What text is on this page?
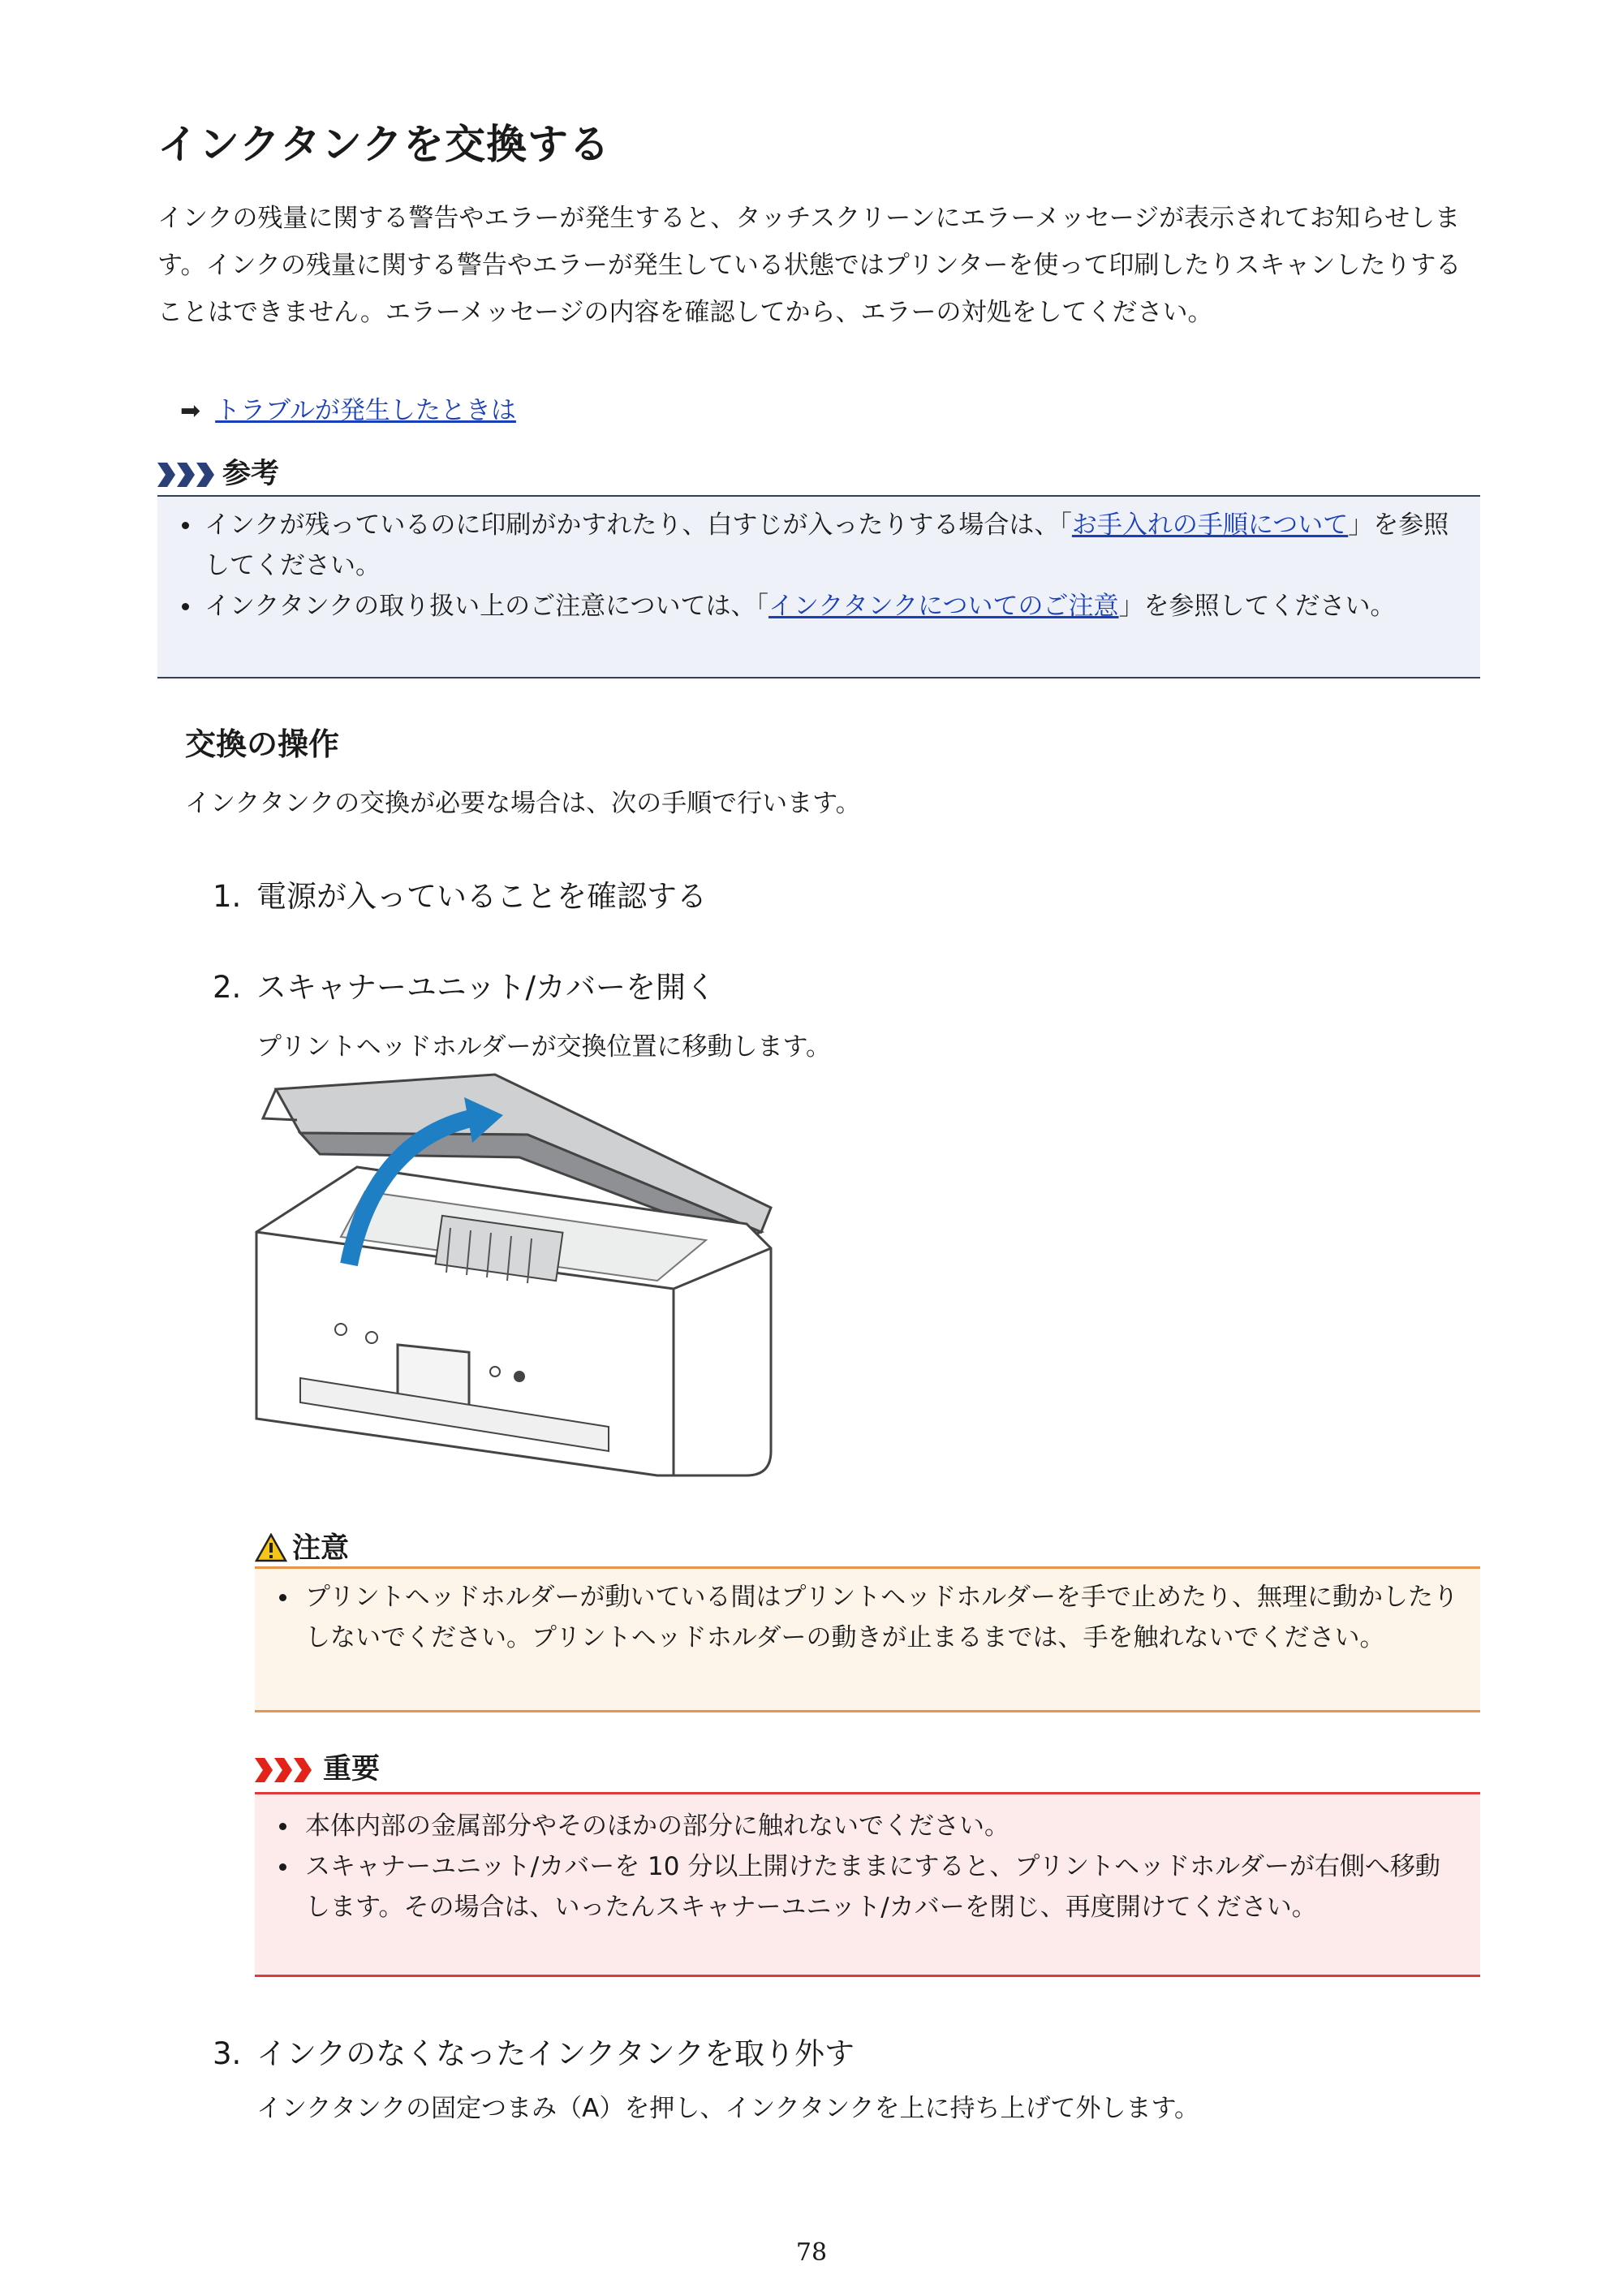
インクタンクを交換する

インクの残量に関する警告やエラーが発生すると、タッチスクリーンにエラーメッセージが表示されてお知らせします。インクの残量に関する警告やエラーが発生している状態ではプリンターを使って印刷したりスキャンしたりすることはできません。エラーメッセージの内容を確認してから、エラーの対処をしてください。

➡ トラブルが発生したときは
参考
インクが残っているのに印刷がかすれたり、白すじが入ったりする場合は、「お手入れの手順について」を参照してください。
インクタンクの取り扱い上のご注意については、「インクタンクについてのご注意」を参照してください。
交換の操作
インクタンクの交換が必要な場合は、次の手順で行います。
1. 電源が入っていることを確認する
2. スキャナーユニット/カバーを開く
プリントヘッドホルダーが交換位置に移動します。
注意
プリントヘッドホルダーが動いている間はプリントヘッドホルダーを手で止めたり、無理に動かしたりしないでください。プリントヘッドホルダーの動きが止まるまでは、手を触れないでください。
重要
本体内部の金属部分やそのほかの部分に触れないでください。
スキャナーユニット/カバーを 10 分以上開けたままにすると、プリントヘッドホルダーが右側へ移動します。その場合は、いったんスキャナーユニット/カバーを閉じ、再度開けてください。
3. インクのなくなったインクタンクを取り外す
インクタンクの固定つまみ（A）を押し、インクタンクを上に持ち上げて外します。
78
